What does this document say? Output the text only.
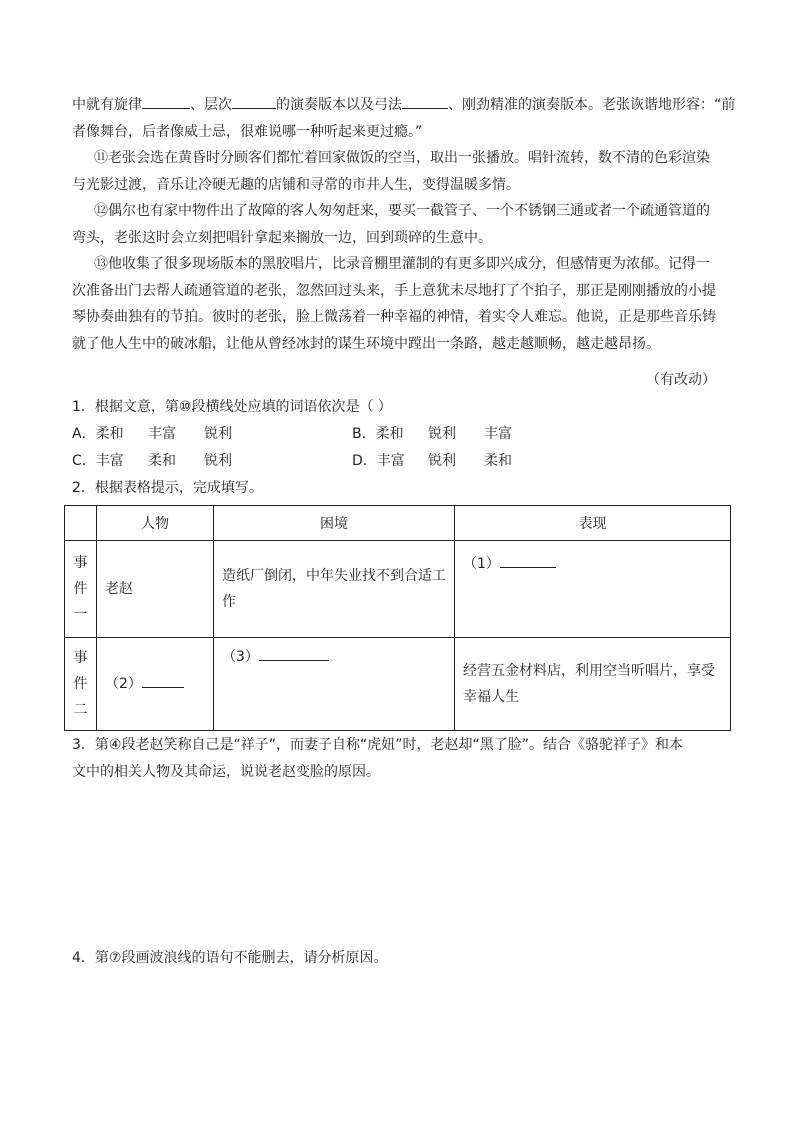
中就有旋律	、层次	的演奏版本以及弓法	、刚劲精准的演奏版本。老张诙谐地形容：“前
者像舞台，后者像威士忌，很难说哪一种听起来更过瘾。”
⑪老张会选在黄昏时分顾客们都忙着回家做饭的空当，取出一张播放。唱针流转，数不清的色彩渲染
与光影过渡，音乐让冷硬无趣的店铺和寻常的市井人生，变得温暖多情。
⑫偶尔也有家中物件出了故障的客人匆匆赶来，要买一截管子、一个不锈钢三通或者一个疏通管道的
弯头，老张这时会立刻把唱针拿起来搁放一边，回到琐碎的生意中。
⑬他收集了很多现场版本的黑胶唱片，比录音棚里灌制的有更多即兴成分，但感情更为浓郁。记得一
次准备出门去帮人疏通管道的老张，忽然回过头来，手上意犹未尽地打了个拍子，那正是刚刚播放的小提
琴协奏曲独有的节拍。彼时的老张，脸上微荡着一种幸福的神情，着实令人难忘。他说，正是那些音乐铸
就了他人生中的破冰船，让他从曾经冰封的谋生环境中蹚出一条路，越走越顺畅，越走越昂扬。
（有改动）
1．根据文意，第⑩段横线处应填的词语依次是（ ）
A．柔和 丰富 锐利	B．柔和 锐利 丰富
C．丰富 柔和 锐利	D．丰富 锐利 柔和
2．根据表格提示，完成填写。
	人物	困境	表现

事件一	老赵	造纸厂倒闭，中年失业找不到合适工作	（1）

事件二	（2）	（3）	经营五金材料店，利用空当听唱片，享受幸福人生
3．第④段老赵笑称自己是“祥子”，而妻子自称“虎妞”时，老赵却“黑了脸”。结合《骆驼祥子》和本
文中的相关人物及其命运，说说老赵变脸的原因。
4．第⑦段画波浪线的语句不能删去，请分析原因。
